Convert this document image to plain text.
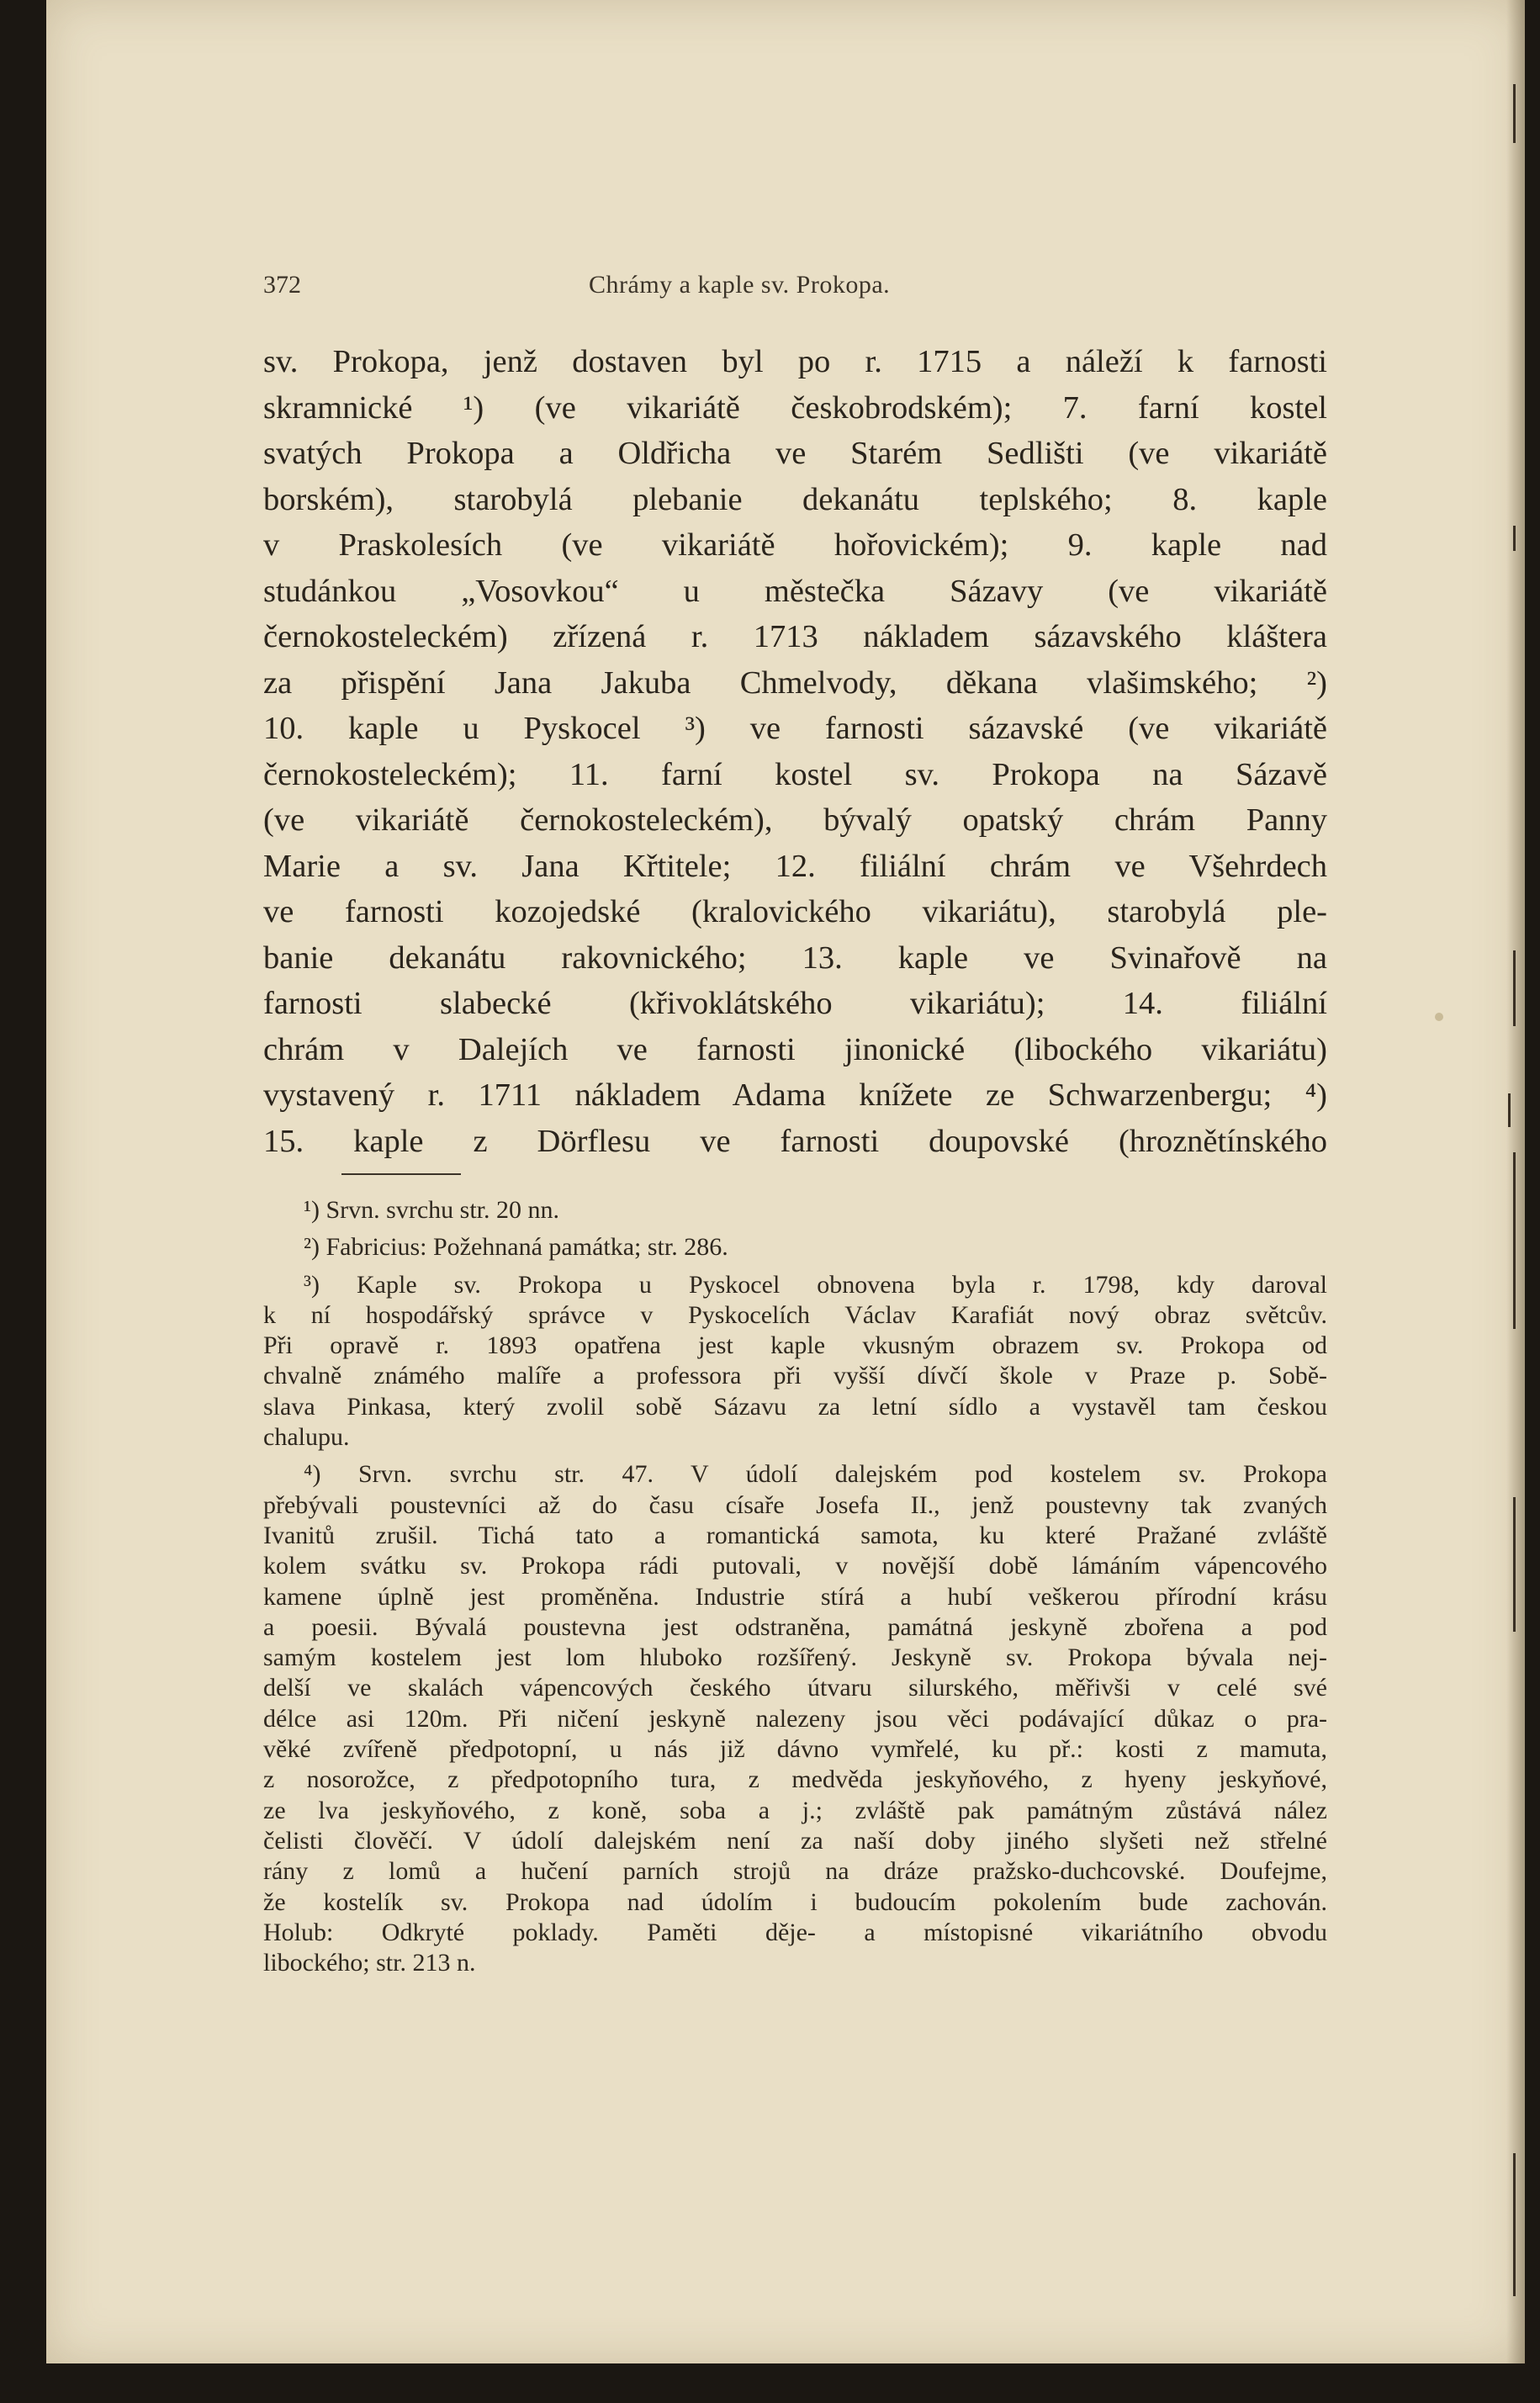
372	Chrámy a kaple sv. Prokopa.
sv. Prokopa, jenž dostaven byl po r. 1715 a náleží k farnosti
skramnické ¹) (ve vikariátě českobrodském); 7. farní kostel
svatých Prokopa a Oldřicha ve Starém Sedlišti (ve vikariátě
borském), starobylá plebanie dekanátu teplského; 8. kaple
v Praskolesích (ve vikariátě hořovickém); 9. kaple nad
studánkou „Vosovkou“ u městečka Sázavy (ve vikariátě
černokosteleckém) zřízená r. 1713 nákladem sázavského kláštera
za přispění Jana Jakuba Chmelvody, děkana vlašimského; ²)
10. kaple u Pyskocel ³) ve farnosti sázavské (ve vikariátě
černokosteleckém); 11. farní kostel sv. Prokopa na Sázavě
(ve vikariátě černokosteleckém), bývalý opatský chrám Panny
Marie a sv. Jana Křtitele; 12. filiální chrám ve Všehrdech
ve farnosti kozojedské (kralovického vikariátu), starobylá ple-
banie dekanátu rakovnického; 13. kaple ve Svinařově na
farnosti slabecké (křivoklátského vikariátu); 14. filiální
chrám v Dalejích ve farnosti jinonické (libockého vikariátu)
vystavený r. 1711 nákladem Adama knížete ze Schwarzenbergu; ⁴)
15. kaple z Dörflesu ve farnosti doupovské (hroznětínského
¹) Srvn. svrchu str. 20 nn.
²) Fabricius: Požehnaná památka; str. 286.
³) Kaple sv. Prokopa u Pyskocel obnovena byla r. 1798, kdy daroval
k ní hospodářský správce v Pyskocelích Václav Karafiát nový obraz světcův.
Při opravě r. 1893 opatřena jest kaple vkusným obrazem sv. Prokopa od
chvalně známého malíře a professora při vyšší dívčí škole v Praze p. Sobě-
slava Pinkasa, který zvolil sobě Sázavu za letní sídlo a vystavěl tam českou
chalupu.
⁴) Srvn. svrchu str. 47. V údolí dalejském pod kostelem sv. Prokopa
přebývali poustevníci až do času císaře Josefa II., jenž poustevny tak zvaných
Ivanitů zrušil. Tichá tato a romantická samota, ku které Pražané zvláště
kolem svátku sv. Prokopa rádi putovali, v novější době lámáním vápencového
kamene úplně jest proměněna. Industrie stírá a hubí veškerou přírodní krásu
a poesii. Bývalá poustevna jest odstraněna, památná jeskyně zbořena a pod
samým kostelem jest lom hluboko rozšířený. Jeskyně sv. Prokopa bývala nej-
delší ve skalách vápencových českého útvaru silurského, měřivši v celé své
délce asi 120m. Při ničení jeskyně nalezeny jsou věci podávající důkaz o pra-
věké zvířeně předpotopní, u nás již dávno vymřelé, ku př.: kosti z mamuta,
z nosorožce, z předpotopního tura, z medvěda jeskyňového, z hyeny jeskyňové,
ze lva jeskyňového, z koně, soba a j.; zvláště pak památným zůstává nález
čelisti člověčí. V údolí dalejském není za naší doby jiného slyšeti než střelné
rány z lomů a hučení parních strojů na dráze pražsko-duchcovské. Doufejme,
že kostelík sv. Prokopa nad údolím i budoucím pokolením bude zachován.
Holub: Odkryté poklady. Paměti děje- a místopisné vikariátního obvodu
libockého; str. 213 n.
